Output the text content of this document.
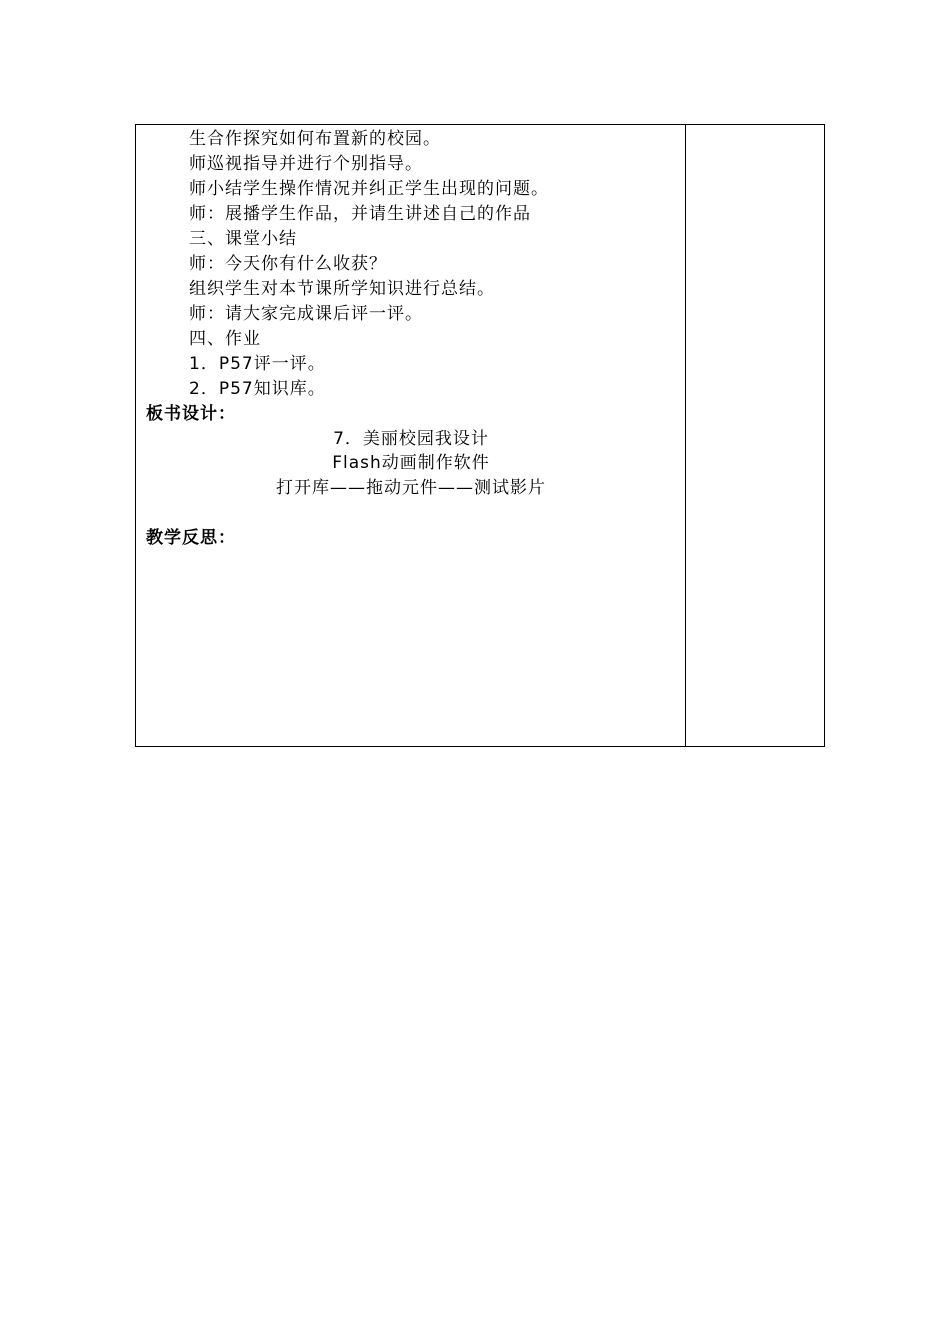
生合作探究如何布置新的校园。
师巡视指导并进行个别指导。
师小结学生操作情况并纠正学生出现的问题。
师：展播学生作品，并请生讲述自己的作品
三、课堂小结
师：今天你有什么收获？
组织学生对本节课所学知识进行总结。
师：请大家完成课后评一评。
四、作业
1．P57评一评。
2．P57知识库。
板书设计：
7．美丽校园我设计
Flash动画制作软件
打开库——拖动元件——测试影片
教学反思：
